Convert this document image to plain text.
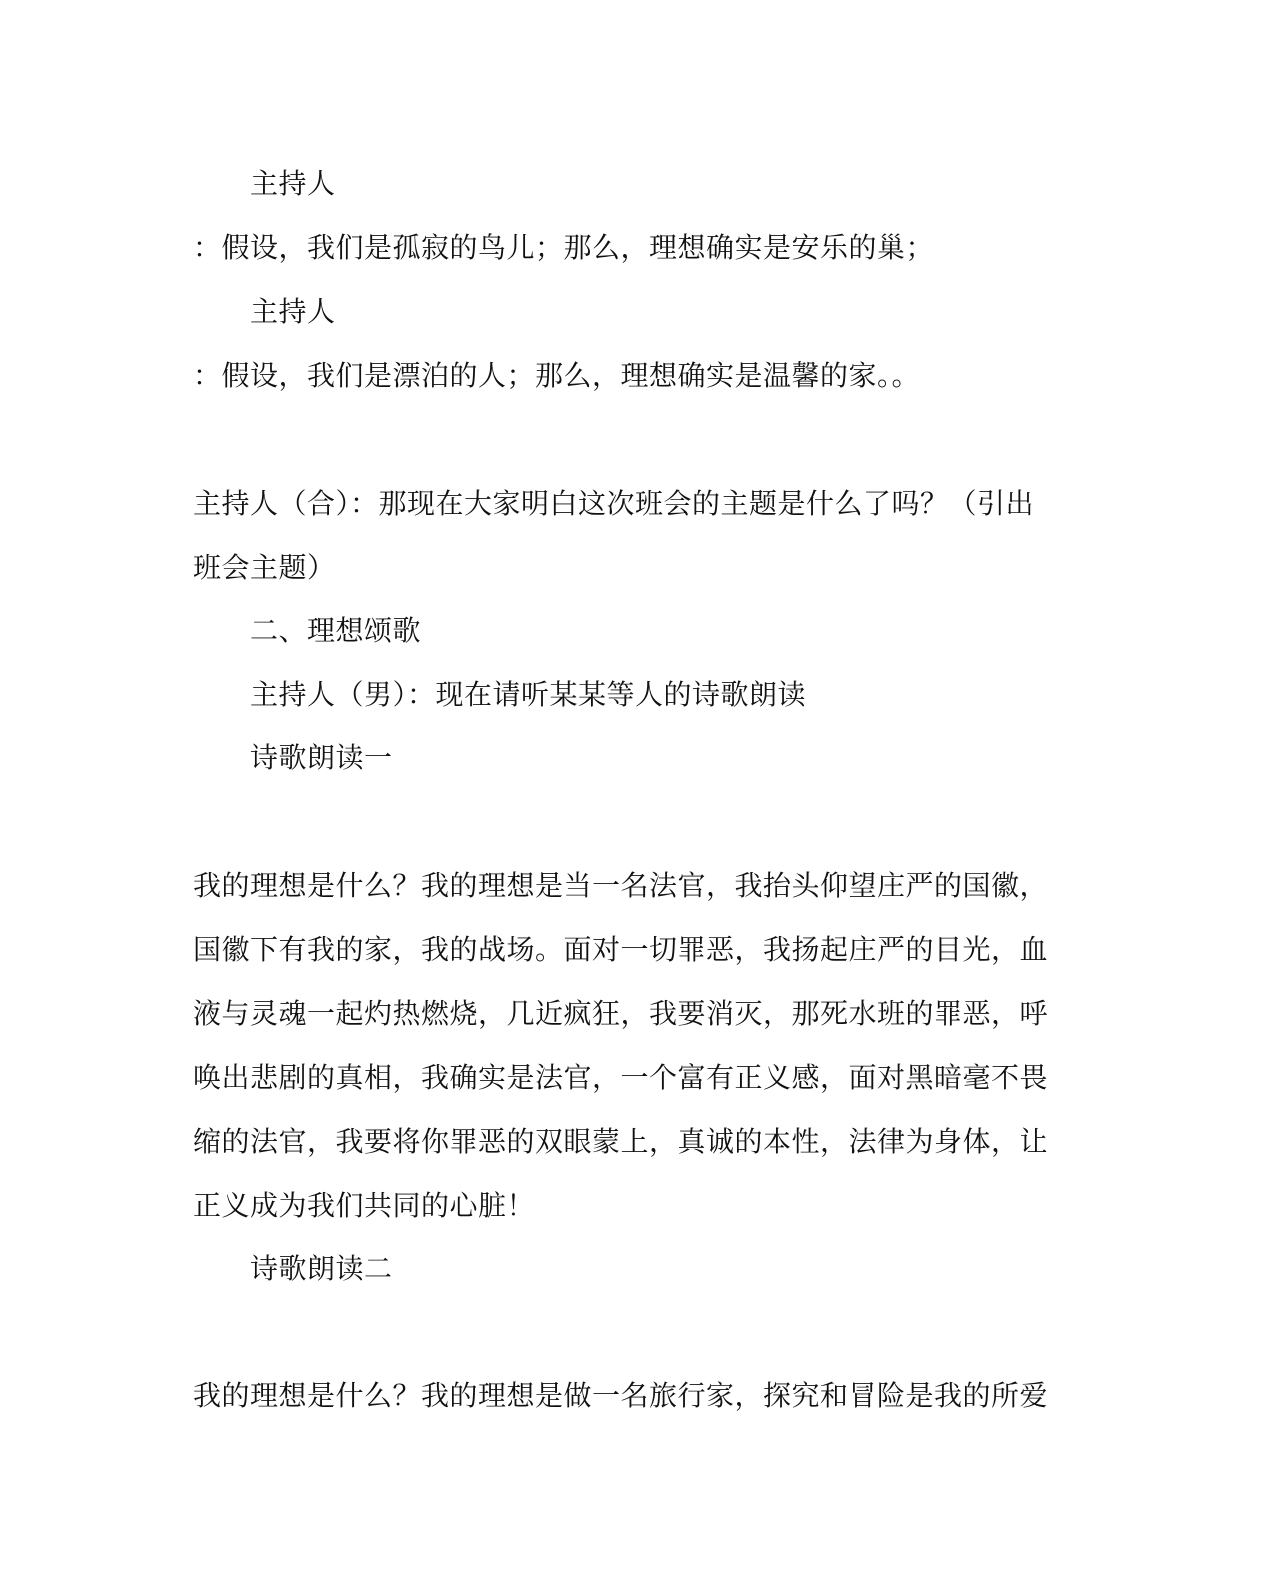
主持人

：假设，我们是孤寂的鸟儿；那么，理想确实是安乐的巢；

主持人

：假设，我们是漂泊的人；那么，理想确实是温馨的家。。

主持人（合）：那现在大家明白这次班会的主题是什么了吗？（引出

班会主题）

二、理想颂歌

主持人（男）：现在请听某某等人的诗歌朗读

诗歌朗读一

我的理想是什么？我的理想是当一名法官，我抬头仰望庄严的国徽，

国徽下有我的家，我的战场。面对一切罪恶，我扬起庄严的目光，血

液与灵魂一起灼热燃烧，几近疯狂，我要消灭，那死水班的罪恶，呼

唤出悲剧的真相，我确实是法官，一个富有正义感，面对黑暗毫不畏

缩的法官，我要将你罪恶的双眼蒙上，真诚的本性，法律为身体，让

正义成为我们共同的心脏！

诗歌朗读二

我的理想是什么？我的理想是做一名旅行家，探究和冒险是我的所爱
